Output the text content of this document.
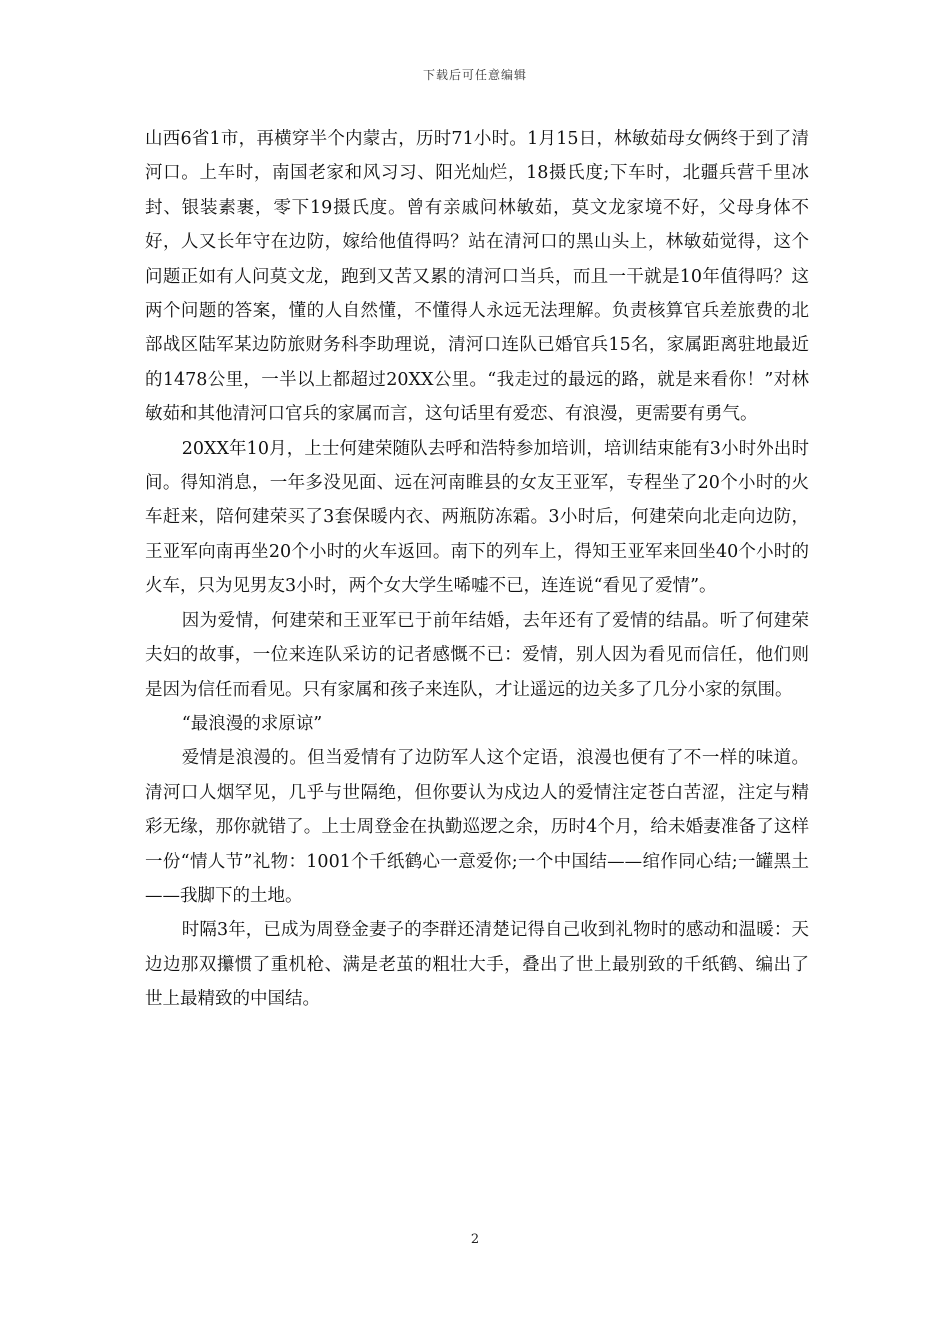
下载后可任意编辑

山西6省1市，再横穿半个内蒙古，历时71小时。1月15日，林敏茹母女俩终于到了清河口。上车时，南国老家和风习习、阳光灿烂，18摄氏度;下车时，北疆兵营千里冰封、银装素裹，零下19摄氏度。曾有亲戚问林敏茹，莫文龙家境不好，父母身体不好，人又长年守在边防，嫁给他值得吗？站在清河口的黑山头上，林敏茹觉得，这个问题正如有人问莫文龙，跑到又苦又累的清河口当兵，而且一干就是10年值得吗？这两个问题的答案，懂的人自然懂，不懂得人永远无法理解。负责核算官兵差旅费的北部战区陆军某边防旅财务科李助理说，清河口连队已婚官兵15名，家属距离驻地最近的1478公里，一半以上都超过20XX公里。“我走过的最远的路，就是来看你！”对林敏茹和其他清河口官兵的家属而言，这句话里有爱恋、有浪漫，更需要有勇气。

20XX年10月，上士何建荣随队去呼和浩特参加培训，培训结束能有3小时外出时间。得知消息，一年多没见面、远在河南睢县的女友王亚军，专程坐了20个小时的火车赶来，陪何建荣买了3套保暖内衣、两瓶防冻霜。3小时后，何建荣向北走向边防，王亚军向南再坐20个小时的火车返回。南下的列车上，得知王亚军来回坐40个小时的火车，只为见男友3小时，两个女大学生唏嘘不已，连连说“看见了爱情”。

因为爱情，何建荣和王亚军已于前年结婚，去年还有了爱情的结晶。听了何建荣夫妇的故事，一位来连队采访的记者感慨不已：爱情，别人因为看见而信任，他们则是因为信任而看见。只有家属和孩子来连队，才让遥远的边关多了几分小家的氛围。

“最浪漫的求原谅”

爱情是浪漫的。但当爱情有了边防军人这个定语，浪漫也便有了不一样的味道。清河口人烟罕见，几乎与世隔绝，但你要认为戍边人的爱情注定苍白苦涩，注定与精彩无缘，那你就错了。上士周登金在执勤巡逻之余，历时4个月，给未婚妻准备了这样一份“情人节”礼物：1001个千纸鹤心一意爱你;一个中国结——绾作同心结;一罐黑土——我脚下的土地。

时隔3年，已成为周登金妻子的李群还清楚记得自己收到礼物时的感动和温暖：天边边那双攥惯了重机枪、满是老茧的粗壮大手，叠出了世上最别致的千纸鹤、编出了世上最精致的中国结。

2
